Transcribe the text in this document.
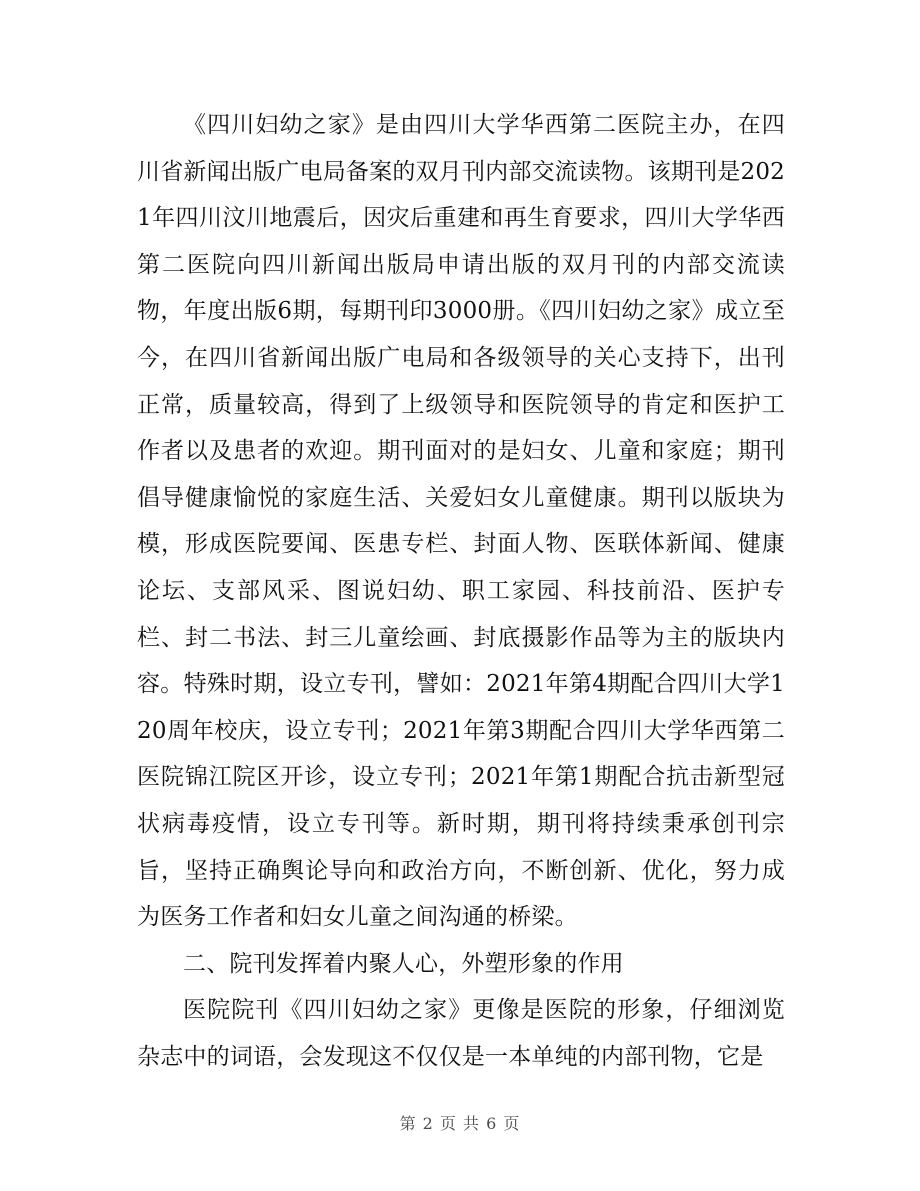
《四川妇幼之家》是由四川大学华西第二医院主办，在四川省新闻出版广电局备案的双月刊内部交流读物。该期刊是2021年四川汶川地震后，因灾后重建和再生育要求，四川大学华西第二医院向四川新闻出版局申请出版的双月刊的内部交流读物，年度出版6期，每期刊印3000册。《四川妇幼之家》成立至今，在四川省新闻出版广电局和各级领导的关心支持下，出刊正常，质量较高，得到了上级领导和医院领导的肯定和医护工作者以及患者的欢迎。期刊面对的是妇女、儿童和家庭；期刊倡导健康愉悦的家庭生活、关爱妇女儿童健康。期刊以版块为模，形成医院要闻、医患专栏、封面人物、医联体新闻、健康论坛、支部风采、图说妇幼、职工家园、科技前沿、医护专栏、封二书法、封三儿童绘画、封底摄影作品等为主的版块内容。特殊时期，设立专刊，譬如：2021年第4期配合四川大学120周年校庆，设立专刊；2021年第3期配合四川大学华西第二医院锦江院区开诊，设立专刊；2021年第1期配合抗击新型冠状病毒疫情，设立专刊等。新时期，期刊将持续秉承创刊宗旨，坚持正确舆论导向和政治方向，不断创新、优化，努力成为医务工作者和妇女儿童之间沟通的桥梁。

二、院刊发挥着内聚人心，外塑形象的作用

医院院刊《四川妇幼之家》更像是医院的形象，仔细浏览杂志中的词语，会发现这不仅仅是一本单纯的内部刊物，它是

第 2 页 共 6 页
